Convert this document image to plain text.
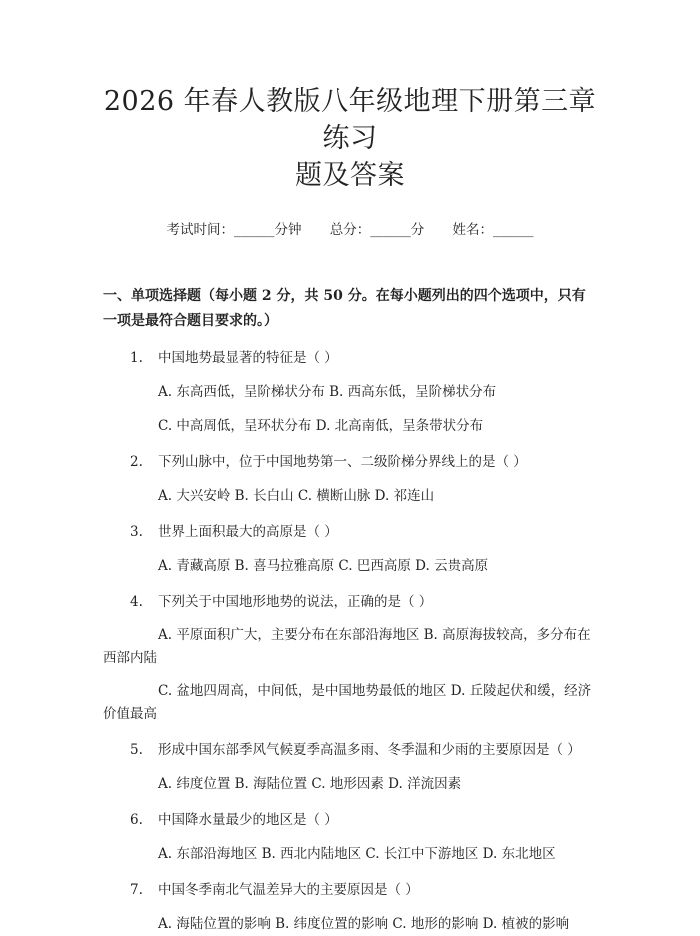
2026 年春人教版八年级地理下册第三章练习
题及答案
考试时间：______分钟 总分：______分 姓名：______
一、单项选择题（每小题 2 分，共 50 分。在每小题列出的四个选项中，只有一项是最符合题目要求的。）
1. 中国地势最显著的特征是（ ）
A. 东高西低，呈阶梯状分布 B. 西高东低，呈阶梯状分布
C. 中高周低，呈环状分布 D. 北高南低，呈条带状分布
2. 下列山脉中，位于中国地势第一、二级阶梯分界线上的是（ ）
A. 大兴安岭 B. 长白山 C. 横断山脉 D. 祁连山
3. 世界上面积最大的高原是（ ）
A. 青藏高原 B. 喜马拉雅高原 C. 巴西高原 D. 云贵高原
4. 下列关于中国地形地势的说法，正确的是（ ）
A. 平原面积广大，主要分布在东部沿海地区 B. 高原海拔较高，多分布在西部内陆
C. 盆地四周高，中间低，是中国地势最低的地区 D. 丘陵起伏和缓，经济价值最高
5. 形成中国东部季风气候夏季高温多雨、冬季温和少雨的主要原因是（ ）
A. 纬度位置 B. 海陆位置 C. 地形因素 D. 洋流因素
6. 中国降水量最少的地区是（ ）
A. 东部沿海地区 B. 西北内陆地区 C. 长江中下游地区 D. 东北地区
7. 中国冬季南北气温差异大的主要原因是（ ）
A. 海陆位置的影响 B. 纬度位置的影响 C. 地形的影响 D. 植被的影响
